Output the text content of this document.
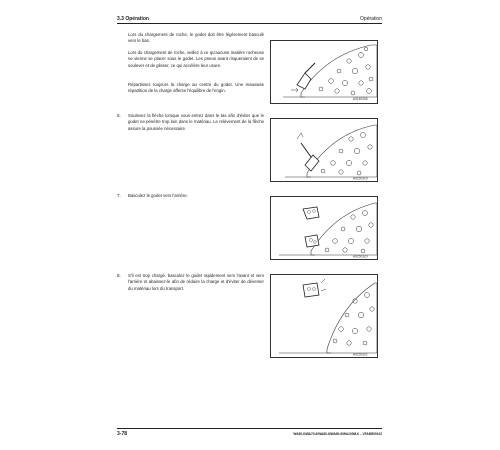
3.3 Opération	Opération
Lors du chargement de roche, le godet doit être légèrement basculé vers le bas.
Lors du chargement de roche, veillez à ce qu'aucune matière rocheuse ne vienne se placer sous le godet. Les pneus avant risqueraient de se soulever et de glisser, ce qui accélère leur usure.
Répartissez toujours la charge au centre du godet. Une mauvaise répartition de la charge affecte l'équilibre de l'engin.
A0150205
6. Soulevez la flèche lorsque vous entrez dans le tas afin d'éviter que le godet ne pénètre trop loin dans le matériau. Le relèvement de la flèche assure la poussée nécessaire.
A0150319
7. Basculez le godet vers l'arrière.
A0150320
8. S'il est trop chargé, basculez le godet rapidement vers l'avant et vers l'arrière et abaissez-le afin de réduire la charge et d'éviter de déverser du matériau lors du transport.
A0150322
3-78	WA50-6/WA70-6/WA80-6/WA90-6/WA100M-6 – VFAM500102
